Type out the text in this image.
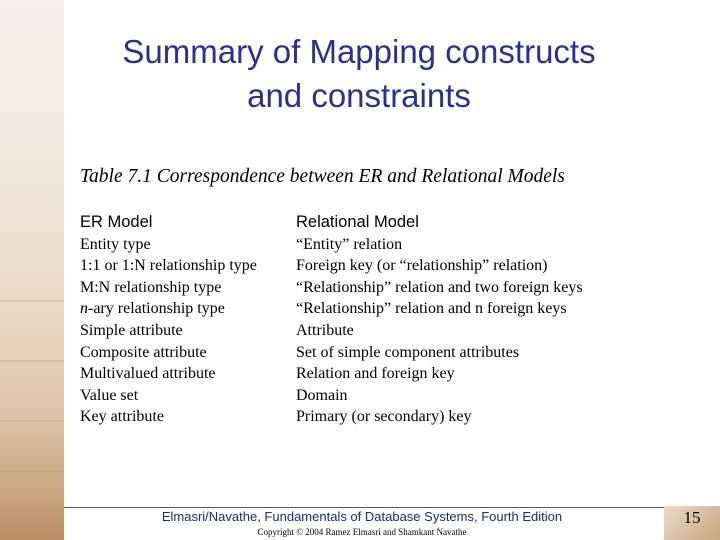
Summary of Mapping constructs
and constraints
Table 7.1 Correspondence between ER and Relational Models
ER Model	Relational Model
Entity type	“Entity” relation
1:1 or 1:N relationship type	Foreign key (or “relationship” relation)
M:N relationship type	“Relationship” relation and two foreign keys
n-ary relationship type	“Relationship” relation and n foreign keys
Simple attribute	Attribute
Composite attribute	Set of simple component attributes
Multivalued attribute	Relation and foreign key
Value set	Domain
Key attribute	Primary (or secondary) key
Elmasri/Navathe, Fundamentals of Database Systems, Fourth Edition
Copyright © 2004 Ramez Elmasri and Shamkant Navathe
15
